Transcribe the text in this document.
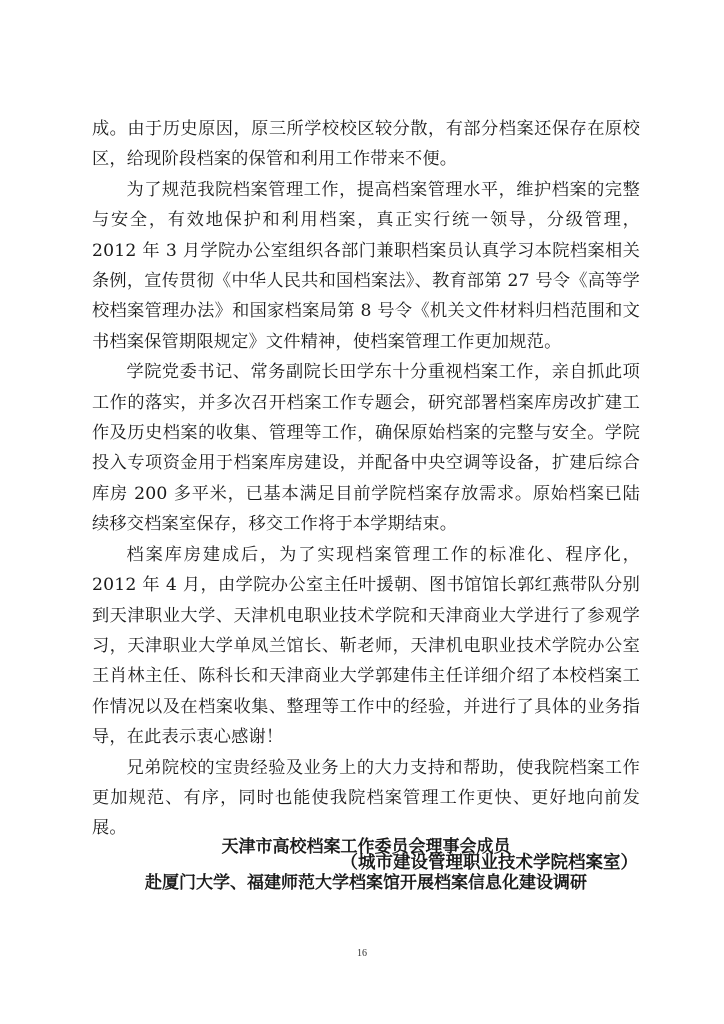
成。由于历史原因，原三所学校校区较分散，有部分档案还保存在原校区，给现阶段档案的保管和利用工作带来不便。

为了规范我院档案管理工作，提高档案管理水平，维护档案的完整与安全，有效地保护和利用档案，真正实行统一领导，分级管理，2012 年 3 月学院办公室组织各部门兼职档案员认真学习本院档案相关条例，宣传贯彻《中华人民共和国档案法》、教育部第 27 号令《高等学校档案管理办法》和国家档案局第 8 号令《机关文件材料归档范围和文书档案保管期限规定》文件精神，使档案管理工作更加规范。

学院党委书记、常务副院长田学东十分重视档案工作，亲自抓此项工作的落实，并多次召开档案工作专题会，研究部署档案库房改扩建工作及历史档案的收集、管理等工作，确保原始档案的完整与安全。学院投入专项资金用于档案库房建设，并配备中央空调等设备，扩建后综合库房 200 多平米，已基本满足目前学院档案存放需求。原始档案已陆续移交档案室保存，移交工作将于本学期结束。

档案库房建成后，为了实现档案管理工作的标准化、程序化，2012 年 4 月，由学院办公室主任叶援朝、图书馆馆长郭红燕带队分别到天津职业大学、天津机电职业技术学院和天津商业大学进行了参观学习，天津职业大学单凤兰馆长、靳老师，天津机电职业技术学院办公室王肖林主任、陈科长和天津商业大学郭建伟主任详细介绍了本校档案工作情况以及在档案收集、整理等工作中的经验，并进行了具体的业务指导，在此表示衷心感谢！

兄弟院校的宝贵经验及业务上的大力支持和帮助，使我院档案工作更加规范、有序，同时也能使我院档案管理工作更快、更好地向前发展。

（城市建设管理职业技术学院档案室）

天津市高校档案工作委员会理事会成员
赴厦门大学、福建师范大学档案馆开展档案信息化建设调研
16
